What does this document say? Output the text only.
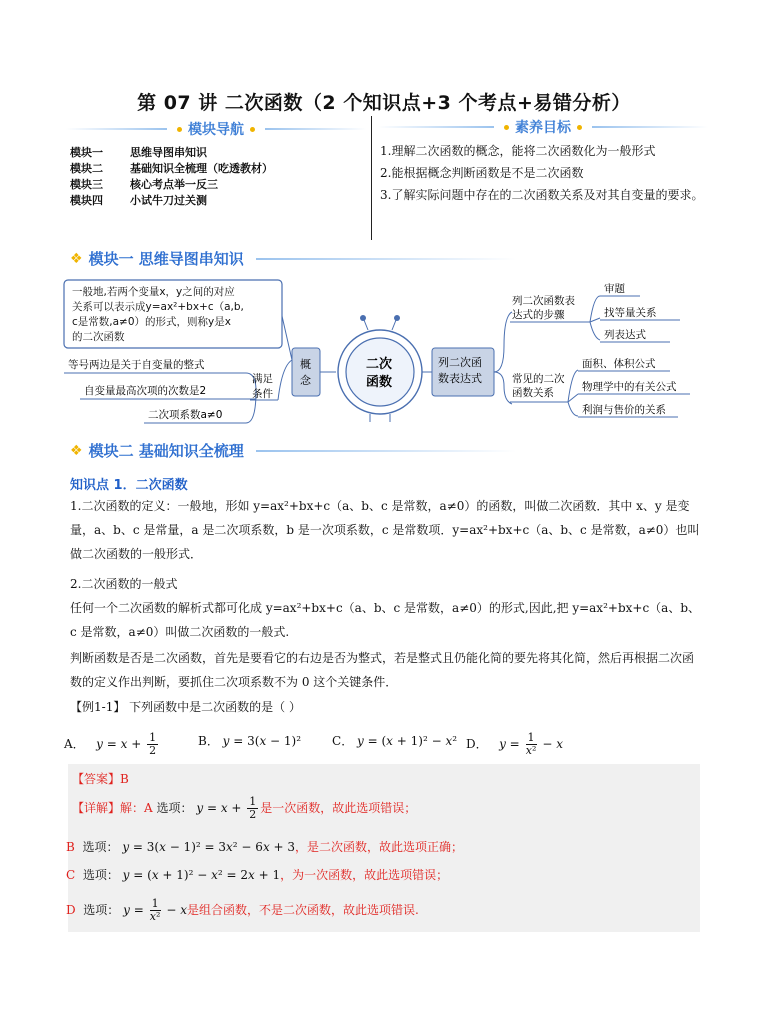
第 07 讲 二次函数（2 个知识点+3 个考点+易错分析）
模块导航
模块一	思维导图串知识
模块二	基础知识全梳理（吃透教材）
模块三	核心考点举一反三
模块四	小试牛刀过关测
素养目标
1.理解二次函数的概念，能将二次函数化为一般形式
2.能根据概念判断函数是不是二次函数
3.了解实际问题中存在的二次函数关系及对其自变量的要求。
❖ 模块一 思维导图串知识
一般地,若两个变量x，y之间的对应 关系可以表示成y=ax²+bx+c（a,b, c是常数,a≠0）的形式，则称y是x 的二次函数
等号两边是关于自变量的整式
自变量最高次项的次数是2
二次项系数a≠0
满足条件
概念
二次函数
列二次函数表达式
列二次函数表达式的步骤
审题
找等量关系
列表达式
常见的二次函数关系
面积、体积公式
物理学中的有关公式
利润与售价的关系
❖ 模块二 基础知识全梳理
知识点 1．二次函数
1.二次函数的定义：一般地，形如 y=ax²+bx+c（a、b、c 是常数，a≠0）的函数，叫做二次函数．其中 x、y 是变量，a、b、c 是常量，a 是二次项系数，b 是一次项系数，c 是常数项．y=ax²+bx+c（a、b、c 是常数，a≠0）也叫做二次函数的一般形式．
2.二次函数的一般式
任何一个二次函数的解析式都可化成 y=ax²+bx+c（a、b、c 是常数，a≠0）的形式,因此,把 y=ax²+bx+c（a、b、c 是常数，a≠0）叫做二次函数的一般式.
判断函数是否是二次函数，首先是要看它的右边是否为整式，若是整式且仍能化简的要先将其化简，然后再根据二次函数的定义作出判断，要抓住二次项系数不为 0 这个关键条件．
【例1-1】 下列函数中是二次函数的是（ ）
A．   $y = x + \frac{1}{2}$	B． y = 3(x − 1)²	C． y = (x + 1)² − x² D．   $y = \frac{1}{\text{x²}} - x$
【答案】B
【详解】解：A 选项： $y = x + \frac{1}{2}$ 是一次函数，故此选项错误；
B 选项： y = 3(x − 1)² = 3x² − 6x + 3，是二次函数，故此选项正确；
C 选项： y = (x + 1)² − x² = 2x + 1，为一次函数，故此选项错误；
D 选项： $y = \frac{1}{\text{x²}} - x$是组合函数，不是二次函数，故此选项错误.
